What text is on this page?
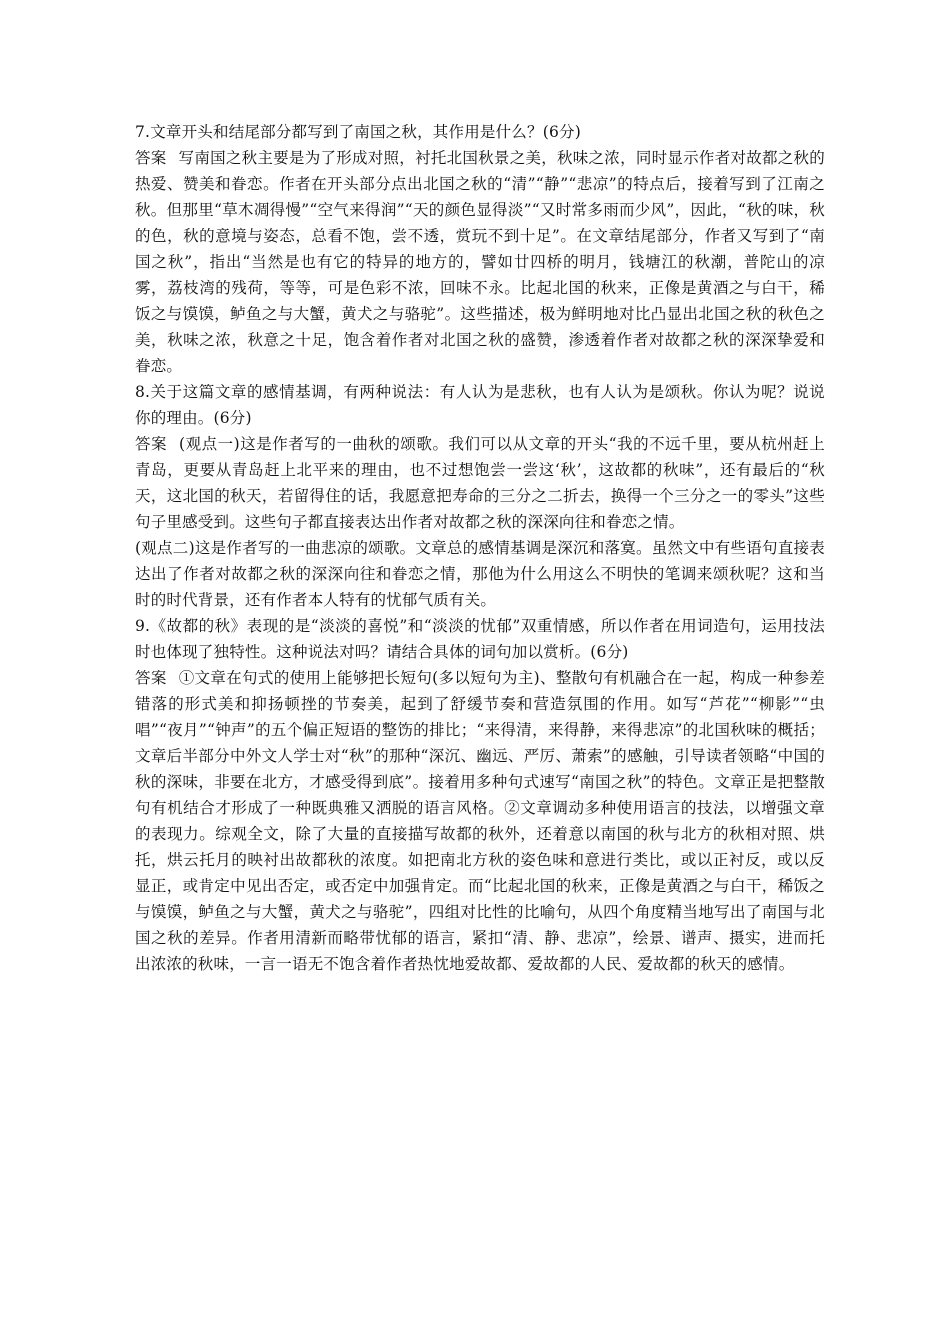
7.文章开头和结尾部分都写到了南国之秋，其作用是什么？(6分)

答案 写南国之秋主要是为了形成对照，衬托北国秋景之美，秋味之浓，同时显示作者对故都之秋的热爱、赞美和眷恋。作者在开头部分点出北国之秋的“清”“静”“悲凉”的特点后，接着写到了江南之秋。但那里“草木凋得慢”“空气来得润”“天的颜色显得淡”“又时常多雨而少风”，因此，“秋的味，秋的色，秋的意境与姿态，总看不饱，尝不透，赏玩不到十足”。在文章结尾部分，作者又写到了“南国之秋”，指出“当然是也有它的特异的地方的，譬如廿四桥的明月，钱塘江的秋潮，普陀山的凉雾，荔枝湾的残荷，等等，可是色彩不浓，回味不永。比起北国的秋来，正像是黄酒之与白干，稀饭之与馍馍，鲈鱼之与大蟹，黄犬之与骆驼”。这些描述，极为鲜明地对比凸显出北国之秋的秋色之美，秋味之浓，秋意之十足，饱含着作者对北国之秋的盛赞，渗透着作者对故都之秋的深深挚爱和眷恋。

8.关于这篇文章的感情基调，有两种说法：有人认为是悲秋，也有人认为是颂秋。你认为呢？说说你的理由。(6分)

答案 (观点一)这是作者写的一曲秋的颂歌。我们可以从文章的开头“我的不远千里，要从杭州赶上青岛，更要从青岛赶上北平来的理由，也不过想饱尝一尝这‘秋’，这故都的秋味”，还有最后的“秋天，这北国的秋天，若留得住的话，我愿意把寿命的三分之二折去，换得一个三分之一的零头”这些句子里感受到。这些句子都直接表达出作者对故都之秋的深深向往和眷恋之情。

(观点二)这是作者写的一曲悲凉的颂歌。文章总的感情基调是深沉和落寞。虽然文中有些语句直接表达出了作者对故都之秋的深深向往和眷恋之情，那他为什么用这么不明快的笔调来颂秋呢？这和当时的时代背景，还有作者本人特有的忧郁气质有关。

9.《故都的秋》表现的是“淡淡的喜悦”和“淡淡的忧郁”双重情感，所以作者在用词造句，运用技法时也体现了独特性。这种说法对吗？请结合具体的词句加以赏析。(6分)

答案 ①文章在句式的使用上能够把长短句(多以短句为主)、整散句有机融合在一起，构成一种参差错落的形式美和抑扬顿挫的节奏美，起到了舒缓节奏和营造氛围的作用。如写“芦花”“柳影”“虫唱”“夜月”“钟声”的五个偏正短语的整饬的排比；“来得清，来得静，来得悲凉”的北国秋味的概括；文章后半部分中外文人学士对“秋”的那种“深沉、幽远、严厉、萧索”的感触，引导读者领略“中国的秋的深味，非要在北方，才感受得到底”。接着用多种句式速写“南国之秋”的特色。文章正是把整散句有机结合才形成了一种既典雅又洒脱的语言风格。②文章调动多种使用语言的技法，以增强文章的表现力。综观全文，除了大量的直接描写故都的秋外，还着意以南国的秋与北方的秋相对照、烘托，烘云托月的映衬出故都秋的浓度。如把南北方秋的姿色味和意进行类比，或以正衬反，或以反显正，或肯定中见出否定，或否定中加强肯定。而“比起北国的秋来，正像是黄酒之与白干，稀饭之与馍馍，鲈鱼之与大蟹，黄犬之与骆驼”，四组对比性的比喻句，从四个角度精当地写出了南国与北国之秋的差异。作者用清新而略带忧郁的语言，紧扣“清、静、悲凉”，绘景、谱声、摄实，进而托出浓浓的秋味，一言一语无不饱含着作者热忱地爱故都、爱故都的人民、爱故都的秋天的感情。
